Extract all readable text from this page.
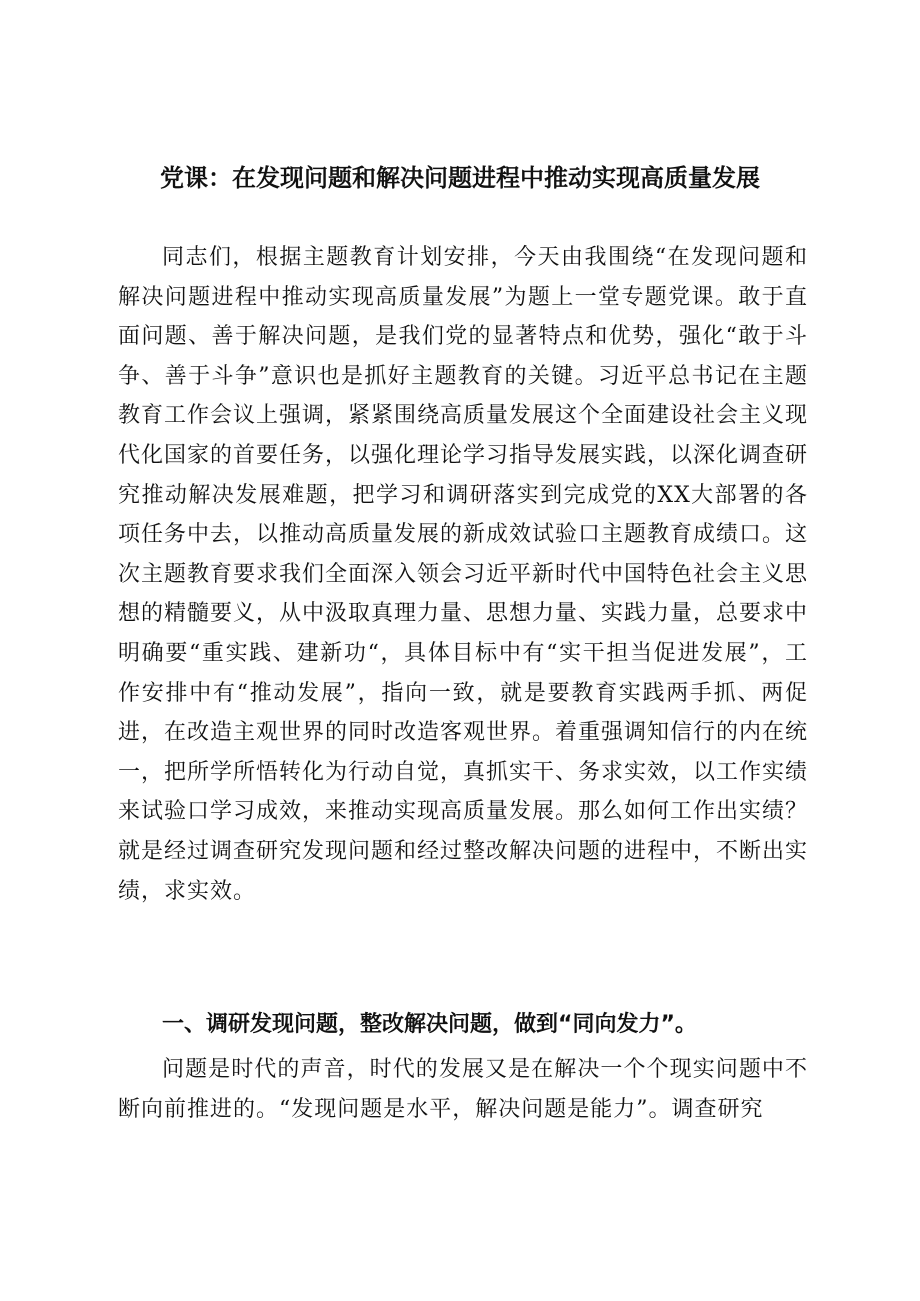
党课：在发现问题和解决问题进程中推动实现高质量发展
同志们，根据主题教育计划安排，今天由我围绕“在发现问题和解决问题进程中推动实现高质量发展”为题上一堂专题党课。敢于直面问题、善于解决问题，是我们党的显著特点和优势，强化“敢于斗争、善于斗争”意识也是抓好主题教育的关键。习近平总书记在主题教育工作会议上强调，紧紧围绕高质量发展这个全面建设社会主义现代化国家的首要任务，以强化理论学习指导发展实践，以深化调查研究推动解决发展难题，把学习和调研落实到完成党的XX大部署的各项任务中去，以推动高质量发展的新成效试验口主题教育成绩口。这次主题教育要求我们全面深入领会习近平新时代中国特色社会主义思想的精髓要义，从中汲取真理力量、思想力量、实践力量，总要求中明确要“重实践、建新功“，具体目标中有“实干担当促进发展”，工作安排中有“推动发展”，指向一致，就是要教育实践两手抓、两促进，在改造主观世界的同时改造客观世界。着重强调知信行的内在统一，把所学所悟转化为行动自觉，真抓实干、务求实效，以工作实绩来试验口学习成效，来推动实现高质量发展。那么如何工作出实绩？就是经过调查研究发现问题和经过整改解决问题的进程中，不断出实绩，求实效。
一、调研发现问题，整改解决问题，做到“同向发力”。
问题是时代的声音，时代的发展又是在解决一个个现实问题中不断向前推进的。“发现问题是水平，解决问题是能力”。调查研究
